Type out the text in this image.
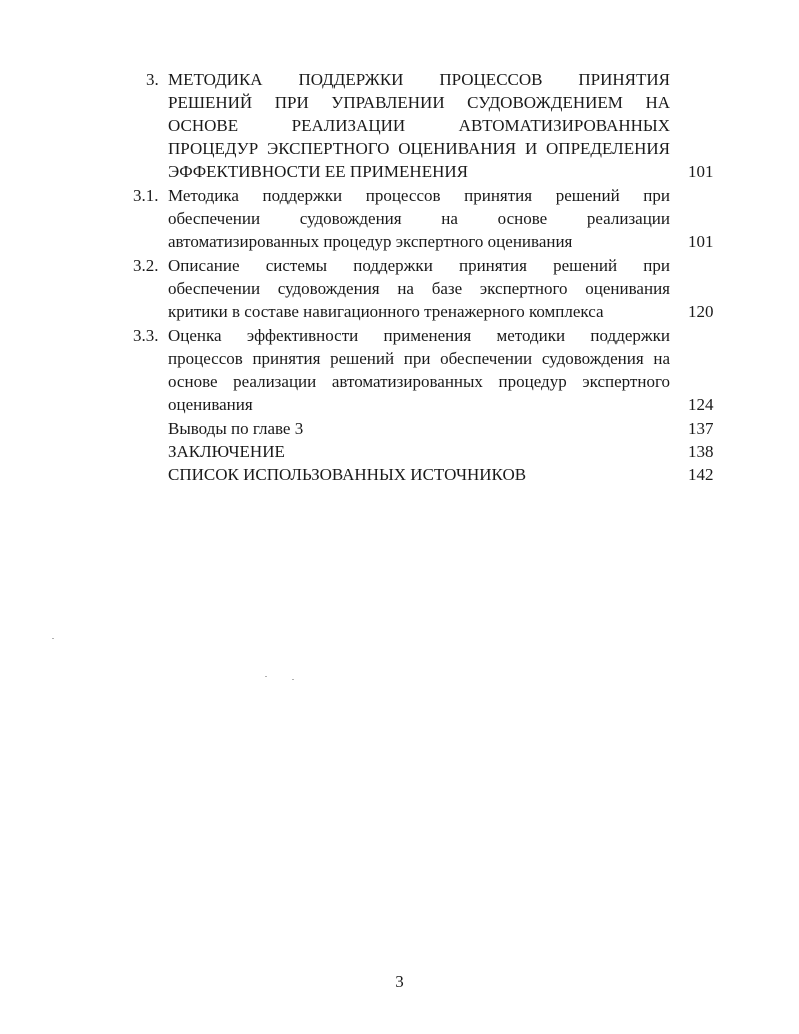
3. МЕТОДИКА ПОДДЕРЖКИ ПРОЦЕССОВ ПРИНЯТИЯ
РЕШЕНИЙ ПРИ УПРАВЛЕНИИ СУДОВОЖДЕНИЕМ НА
ОСНОВЕ РЕАЛИЗАЦИИ АВТОМАТИЗИРОВАННЫХ
ПРОЦЕДУР ЭКСПЕРТНОГО ОЦЕНИВАНИЯ И ОПРЕДЕЛЕНИЯ
ЭФФЕКТИВНОСТИ ЕЕ ПРИМЕНЕНИЯ	101
3.1. Методика поддержки процессов принятия решений при
обеспечении судовождения на основе реализации
автоматизированных процедур экспертного оценивания	101
3.2. Описание системы поддержки принятия решений при
обеспечении судовождения на базе экспертного оценивания
критики в составе навигационного тренажерного комплекса	120
3.3. Оценка эффективности применения методики поддержки
процессов принятия решений при обеспечении судовождения на
основе реализации автоматизированных процедур экспертного
оценивания	124
Выводы по главе 3	137
ЗАКЛЮЧЕНИЕ	138
СПИСОК ИСПОЛЬЗОВАННЫХ ИСТОЧНИКОВ	142
3
